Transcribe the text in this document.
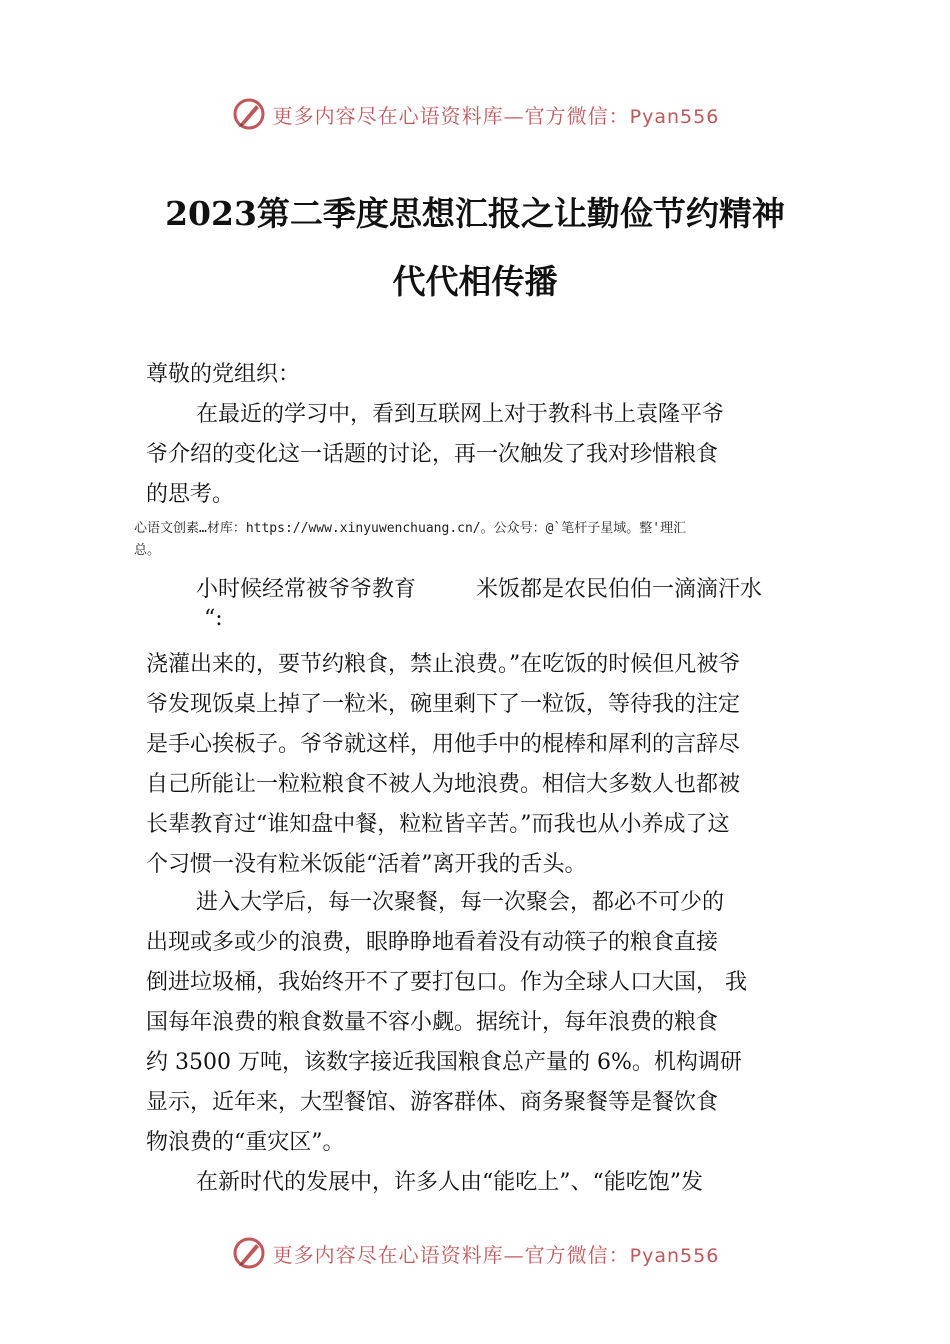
更多内容尽在心语资料库—官方微信：Pyan556
2023第二季度思想汇报之让勤俭节约精神
代代相传播
尊敬的党组织：
在最近的学习中，看到互联网上对于教科书上袁隆平爷
爷介绍的变化这一话题的讨论，再一次触发了我对珍惜粮食
的思考。
心语文创素…材库：https://www.xinyuwenchuang.cn/。公众号：@`笔杆子星域。整'理汇
总。
小时候经常被爷爷教育	米饭都是农民伯伯一滴滴汗水
“:
浇灌出来的，要节约粮食，禁止浪费。”在吃饭的时候但凡被爷
爷发现饭桌上掉了一粒米，碗里剩下了一粒饭，等待我的注定
是手心挨板子。爷爷就这样，用他手中的棍棒和犀利的言辞尽
自己所能让一粒粒粮食不被人为地浪费。相信大多数人也都被
长辈教育过“谁知盘中餐，粒粒皆辛苦。”而我也从小养成了这
个习惯一没有粒米饭能“活着”离开我的舌头。
进入大学后，每一次聚餐，每一次聚会，都必不可少的
出现或多或少的浪费，眼睁睁地看着没有动筷子的粮食直接
倒进垃圾桶，我始终开不了要打包口。作为全球人口大国， 我
国每年浪费的粮食数量不容小觑。据统计，每年浪费的粮食
约 3500 万吨，该数字接近我国粮食总产量的 6%。机构调研
显示，近年来，大型餐馆、游客群体、商务聚餐等是餐饮食
物浪费的“重灾区”。
在新时代的发展中，许多人由“能吃上”、“能吃饱”发
更多内容尽在心语资料库—官方微信：Pyan556
